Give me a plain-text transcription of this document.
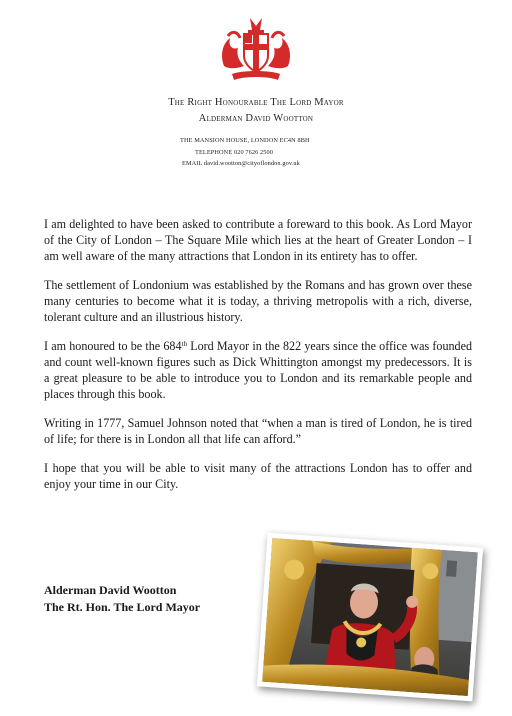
The Right Honourable The Lord Mayor
Alderman David Wootton
THE MANSION HOUSE, LONDON EC4N 8BH
TELEPHONE 020 7626 2500
EMAIL david.wootton@cityoflondon.gov.uk

I am delighted to have been asked to contribute a foreward to this book. As Lord Mayor of the City of London – The Square Mile which lies at the heart of Greater London – I am well aware of the many attractions that London in its entirety has to offer.

The settlement of Londonium was established by the Romans and has grown over these many centuries to become what it is today, a thriving metropolis with a rich, diverse, tolerant culture and an illustrious history.

I am honoured to be the 684th Lord Mayor in the 822 years since the office was founded and count well-known figures such as Dick Whittington amongst my predecessors. It is a great pleasure to be able to introduce you to London and its remarkable people and places through this book.

Writing in 1777, Samuel Johnson noted that “when a man is tired of London, he is tired of life; for there is in London all that life can afford.”

I hope that you will be able to visit many of the attractions London has to offer and enjoy your time in our City.

Alderman David Wootton
The Rt. Hon. The Lord Mayor
